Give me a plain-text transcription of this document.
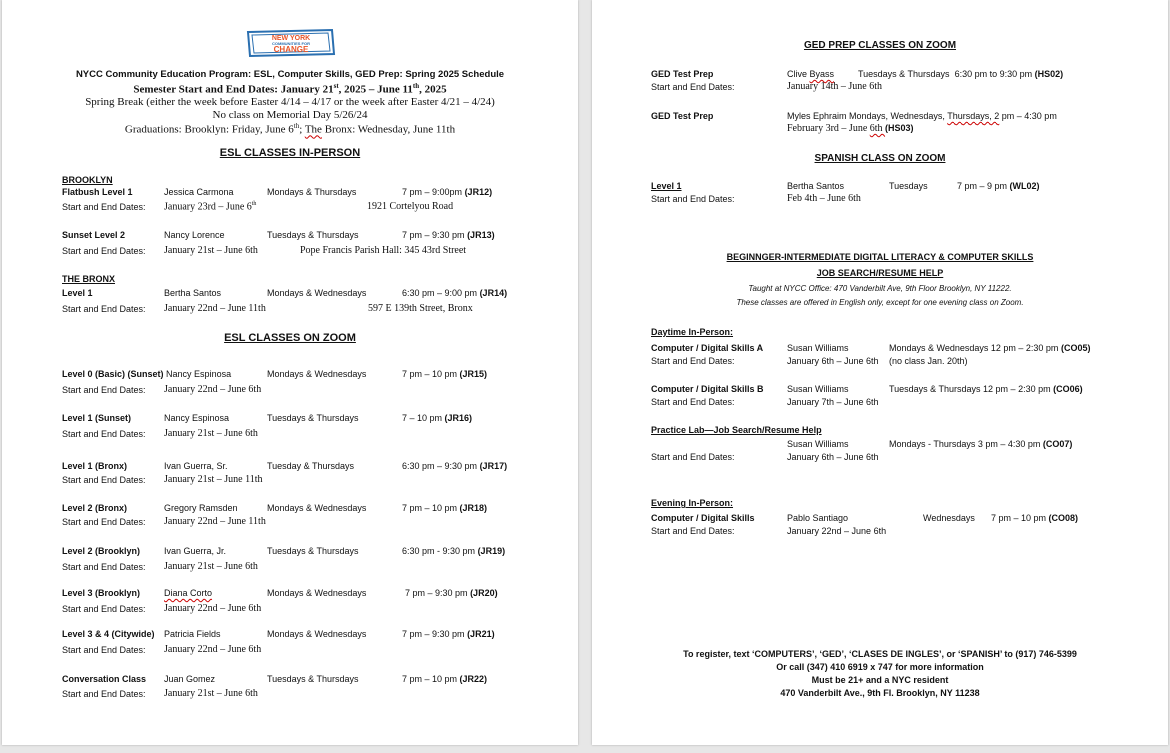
NEW YORK
COMMUNITIES FOR
CHANGE
NYCC Community Education Program: ESL, Computer Skills, GED Prep: Spring 2025 Schedule
Semester Start and End Dates: January 21st, 2025 – June 11th, 2025
Spring Break (either the week before Easter 4/14 – 4/17 or the week after Easter 4/21 – 4/24)
No class on Memorial Day 5/26/24
Graduations: Brooklyn: Friday, June 6th; The Bronx: Wednesday, June 11th
ESL CLASSES IN-PERSON
BROOKLYN
Flatbush Level 1	Jessica Carmona	Mondays & Thursdays	7 pm – 9:00pm (JR12)
Start and End Dates: January 23rd – June 6th	1921 Cortelyou Road
Sunset Level 2	Nancy Lorence	Tuesdays & Thursdays	7 pm – 9:30 pm (JR13)
Start and End Dates: January 21st – June 6th	Pope Francis Parish Hall: 345 43rd Street
THE BRONX
Level 1	Bertha Santos	Mondays & Wednesdays	6:30 pm – 9:00 pm (JR14)
Start and End Dates: January 22nd – June 11th	597 E 139th Street, Bronx
ESL CLASSES ON ZOOM
Level 0 (Basic) (Sunset) Nancy Espinosa	Mondays & Wednesdays	7 pm – 10 pm (JR15)
Start and End Dates: January 22nd – June 6th
Level 1 (Sunset)	Nancy Espinosa	Tuesdays & Thursdays	7 – 10 pm (JR16)
Start and End Dates: January 21st – June 6th
Level 1 (Bronx)	Ivan Guerra, Sr.	Tuesday & Thursdays	6:30 pm – 9:30 pm (JR17)
Start and End Dates: January 21st – June 11th
Level 2 (Bronx)	Gregory Ramsden	Mondays & Wednesdays	7 pm – 10 pm (JR18)
Start and End Dates: January 22nd – June 11th
Level 2 (Brooklyn)	Ivan Guerra, Jr.	Tuesdays & Thursdays	6:30 pm - 9:30 pm (JR19)
Start and End Dates: January 21st – June 6th
Level 3 (Brooklyn)	Diana Corto	Mondays & Wednesdays	7 pm – 9:30 pm (JR20)
Start and End Dates: January 22nd – June 6th
Level 3 & 4 (Citywide) Patricia Fields	Mondays & Wednesdays	7 pm – 9:30 pm (JR21)
Start and End Dates: January 22nd – June 6th
Conversation Class Juan Gomez	Tuesdays & Thursdays	7 pm – 10 pm (JR22)
Start and End Dates: January 21st – June 6th
GED PREP CLASSES ON ZOOM
GED Test Prep	Clive Byass	Tuesdays & Thursdays 6:30 pm to 9:30 pm (HS02)
Start and End Dates:	January 14th – June 6th
GED Test Prep	Myles Ephraim Mondays, Wednesdays, Thursdays, 2 pm – 4:30 pm
February 3rd – June 6th (HS03)
SPANISH CLASS ON ZOOM
Level 1	Bertha Santos	Tuesdays	7 pm – 9 pm (WL02)
Start and End Dates:	Feb 4th – June 6th
BEGINNGER-INTERMEDIATE DIGITAL LITERACY & COMPUTER SKILLS
JOB SEARCH/RESUME HELP
Taught at NYCC Office: 470 Vanderbilt Ave, 9th Floor Brooklyn, NY 11222.
These classes are offered in English only, except for one evening class on Zoom.
Daytime In-Person:
Computer / Digital Skills A	Susan Williams	Mondays & Wednesdays 12 pm – 2:30 pm (CO05)
Start and End Dates:	January 6th – June 6th (no class Jan. 20th)
Computer / Digital Skills B	Susan Williams	Tuesdays & Thursdays 12 pm – 2:30 pm (CO06)
Start and End Dates:	January 7th – June 6th
Practice Lab—Job Search/Resume Help
Susan Williams	Mondays - Thursdays 3 pm – 4:30 pm (CO07)
Start and End Dates:	January 6th – June 6th
Evening In-Person:
Computer / Digital Skills	Pablo Santiago	Wednesdays 7 pm – 10 pm (CO08)
Start and End Dates:	January 22nd – June 6th
To register, text ‘COMPUTERS’, ‘GED’, ‘CLASES DE INGLES’, or ‘SPANISH’ to (917) 746-5399
Or call (347) 410 6919 x 747 for more information
Must be 21+ and a NYC resident
470 Vanderbilt Ave., 9th Fl. Brooklyn, NY 11238
